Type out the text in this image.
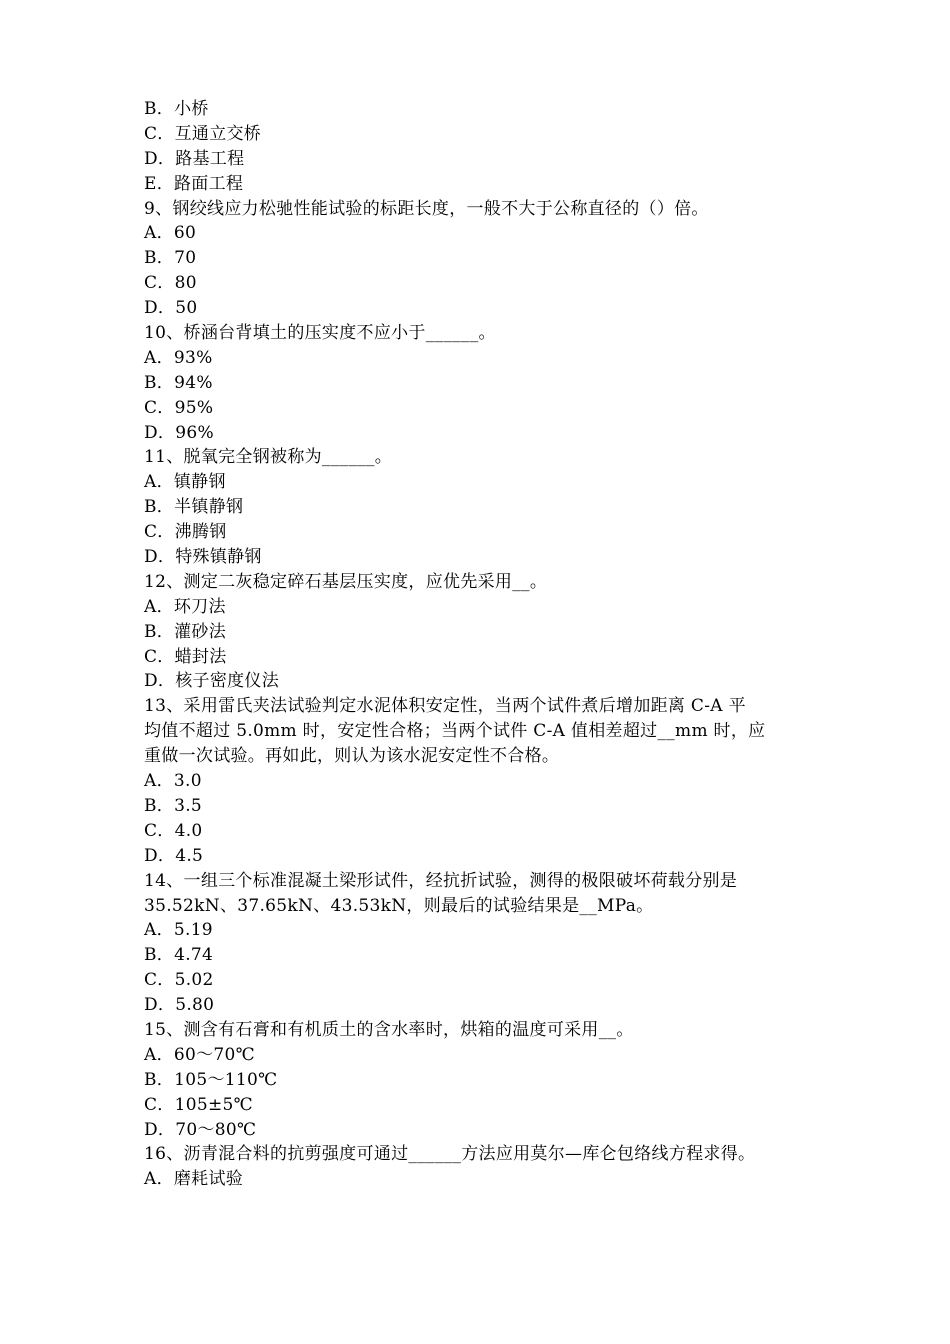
B．小桥
C．互通立交桥
D．路基工程
E．路面工程
9、钢绞线应力松驰性能试验的标距长度，一般不大于公称直径的（）倍。
A．60
B．70
C．80
D．50
10、桥涵台背填土的压实度不应小于______。
A．93%
B．94%
C．95%
D．96%
11、脱氧完全钢被称为______。
A．镇静钢
B．半镇静钢
C．沸腾钢
D．特殊镇静钢
12、测定二灰稳定碎石基层压实度，应优先采用__。
A．环刀法
B．灌砂法
C．蜡封法
D．核子密度仪法
13、采用雷氏夹法试验判定水泥体积安定性，当两个试件煮后增加距离 C-A 平
均值不超过 5.0mm 时，安定性合格；当两个试件 C-A 值相差超过__mm 时，应
重做一次试验。再如此，则认为该水泥安定性不合格。
A．3.0
B．3.5
C．4.0
D．4.5
14、一组三个标准混凝土梁形试件，经抗折试验，测得的极限破坏荷载分别是
35.52kN、37.65kN、43.53kN，则最后的试验结果是__MPa。
A．5.19
B．4.74
C．5.02
D．5.80
15、测含有石膏和有机质土的含水率时，烘箱的温度可采用__。
A．60～70℃
B．105～110℃
C．105±5℃
D．70～80℃
16、沥青混合料的抗剪强度可通过______方法应用莫尔—库仑包络线方程求得。
A．磨耗试验
